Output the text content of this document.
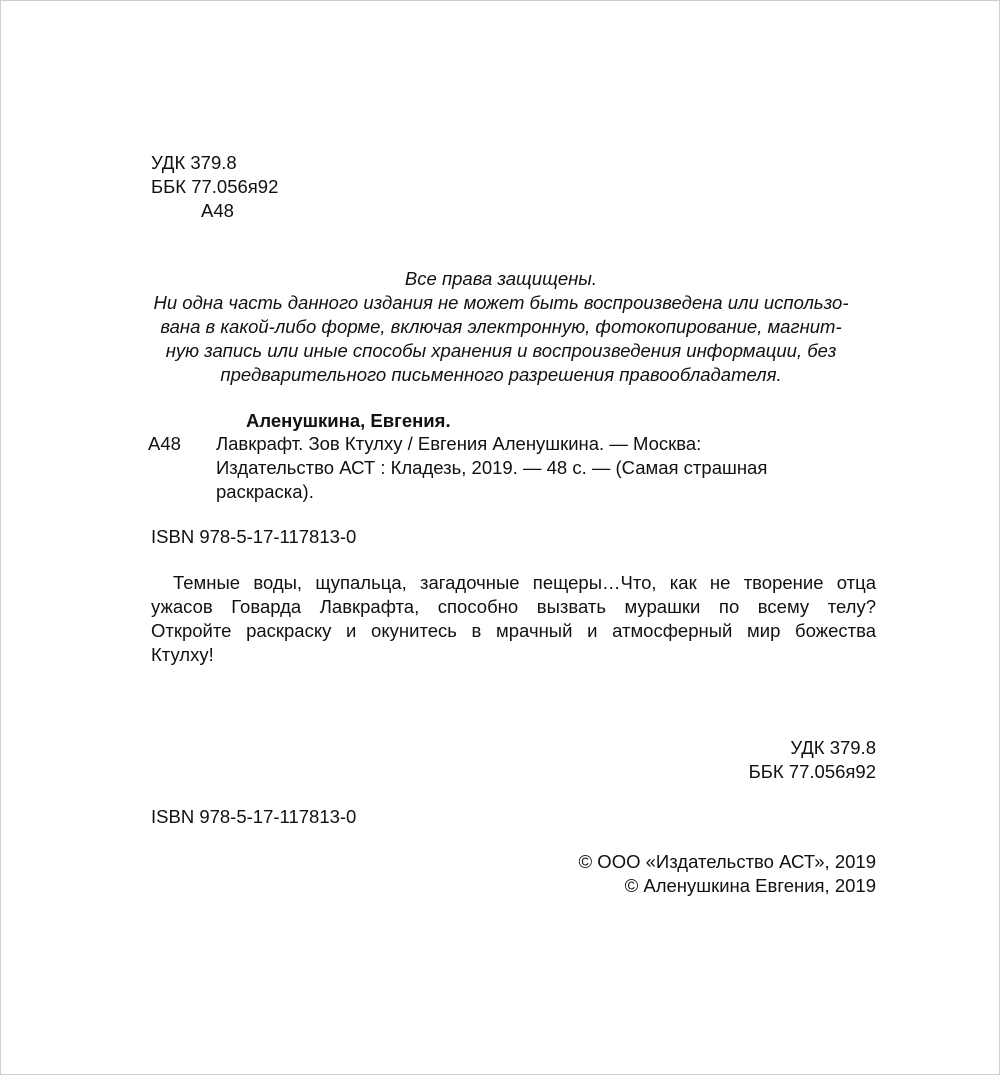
УДК 379.8
ББК 77.056я92
А48
Все права защищены.
Ни одна часть данного издания не может быть воспроизведена или использо-
вана в какой-либо форме, включая электронную, фотокопирование, магнит-
ную запись или иные способы хранения и воспроизведения информации, без
предварительного письменного разрешения правообладателя.
Аленушкина, Евгения.
А48 Лавкрафт. Зов Ктулху / Евгения Аленушкина. — Москва:
Издательство АСТ : Кладезь, 2019. — 48 с. — (Самая страшная
раскраска).
ISBN 978-5-17-117813-0
Темные воды, щупальца, загадочные пещеры…Что, как не творение отца
ужасов Говарда Лавкрафта, способно вызвать мурашки по всему телу?
Откройте раскраску и окунитесь в мрачный и атмосферный мир божества
Ктулху!
УДК 379.8
ББК 77.056я92
ISBN 978-5-17-117813-0
© ООО «Издательство АСТ», 2019
© Аленушкина Евгения, 2019
